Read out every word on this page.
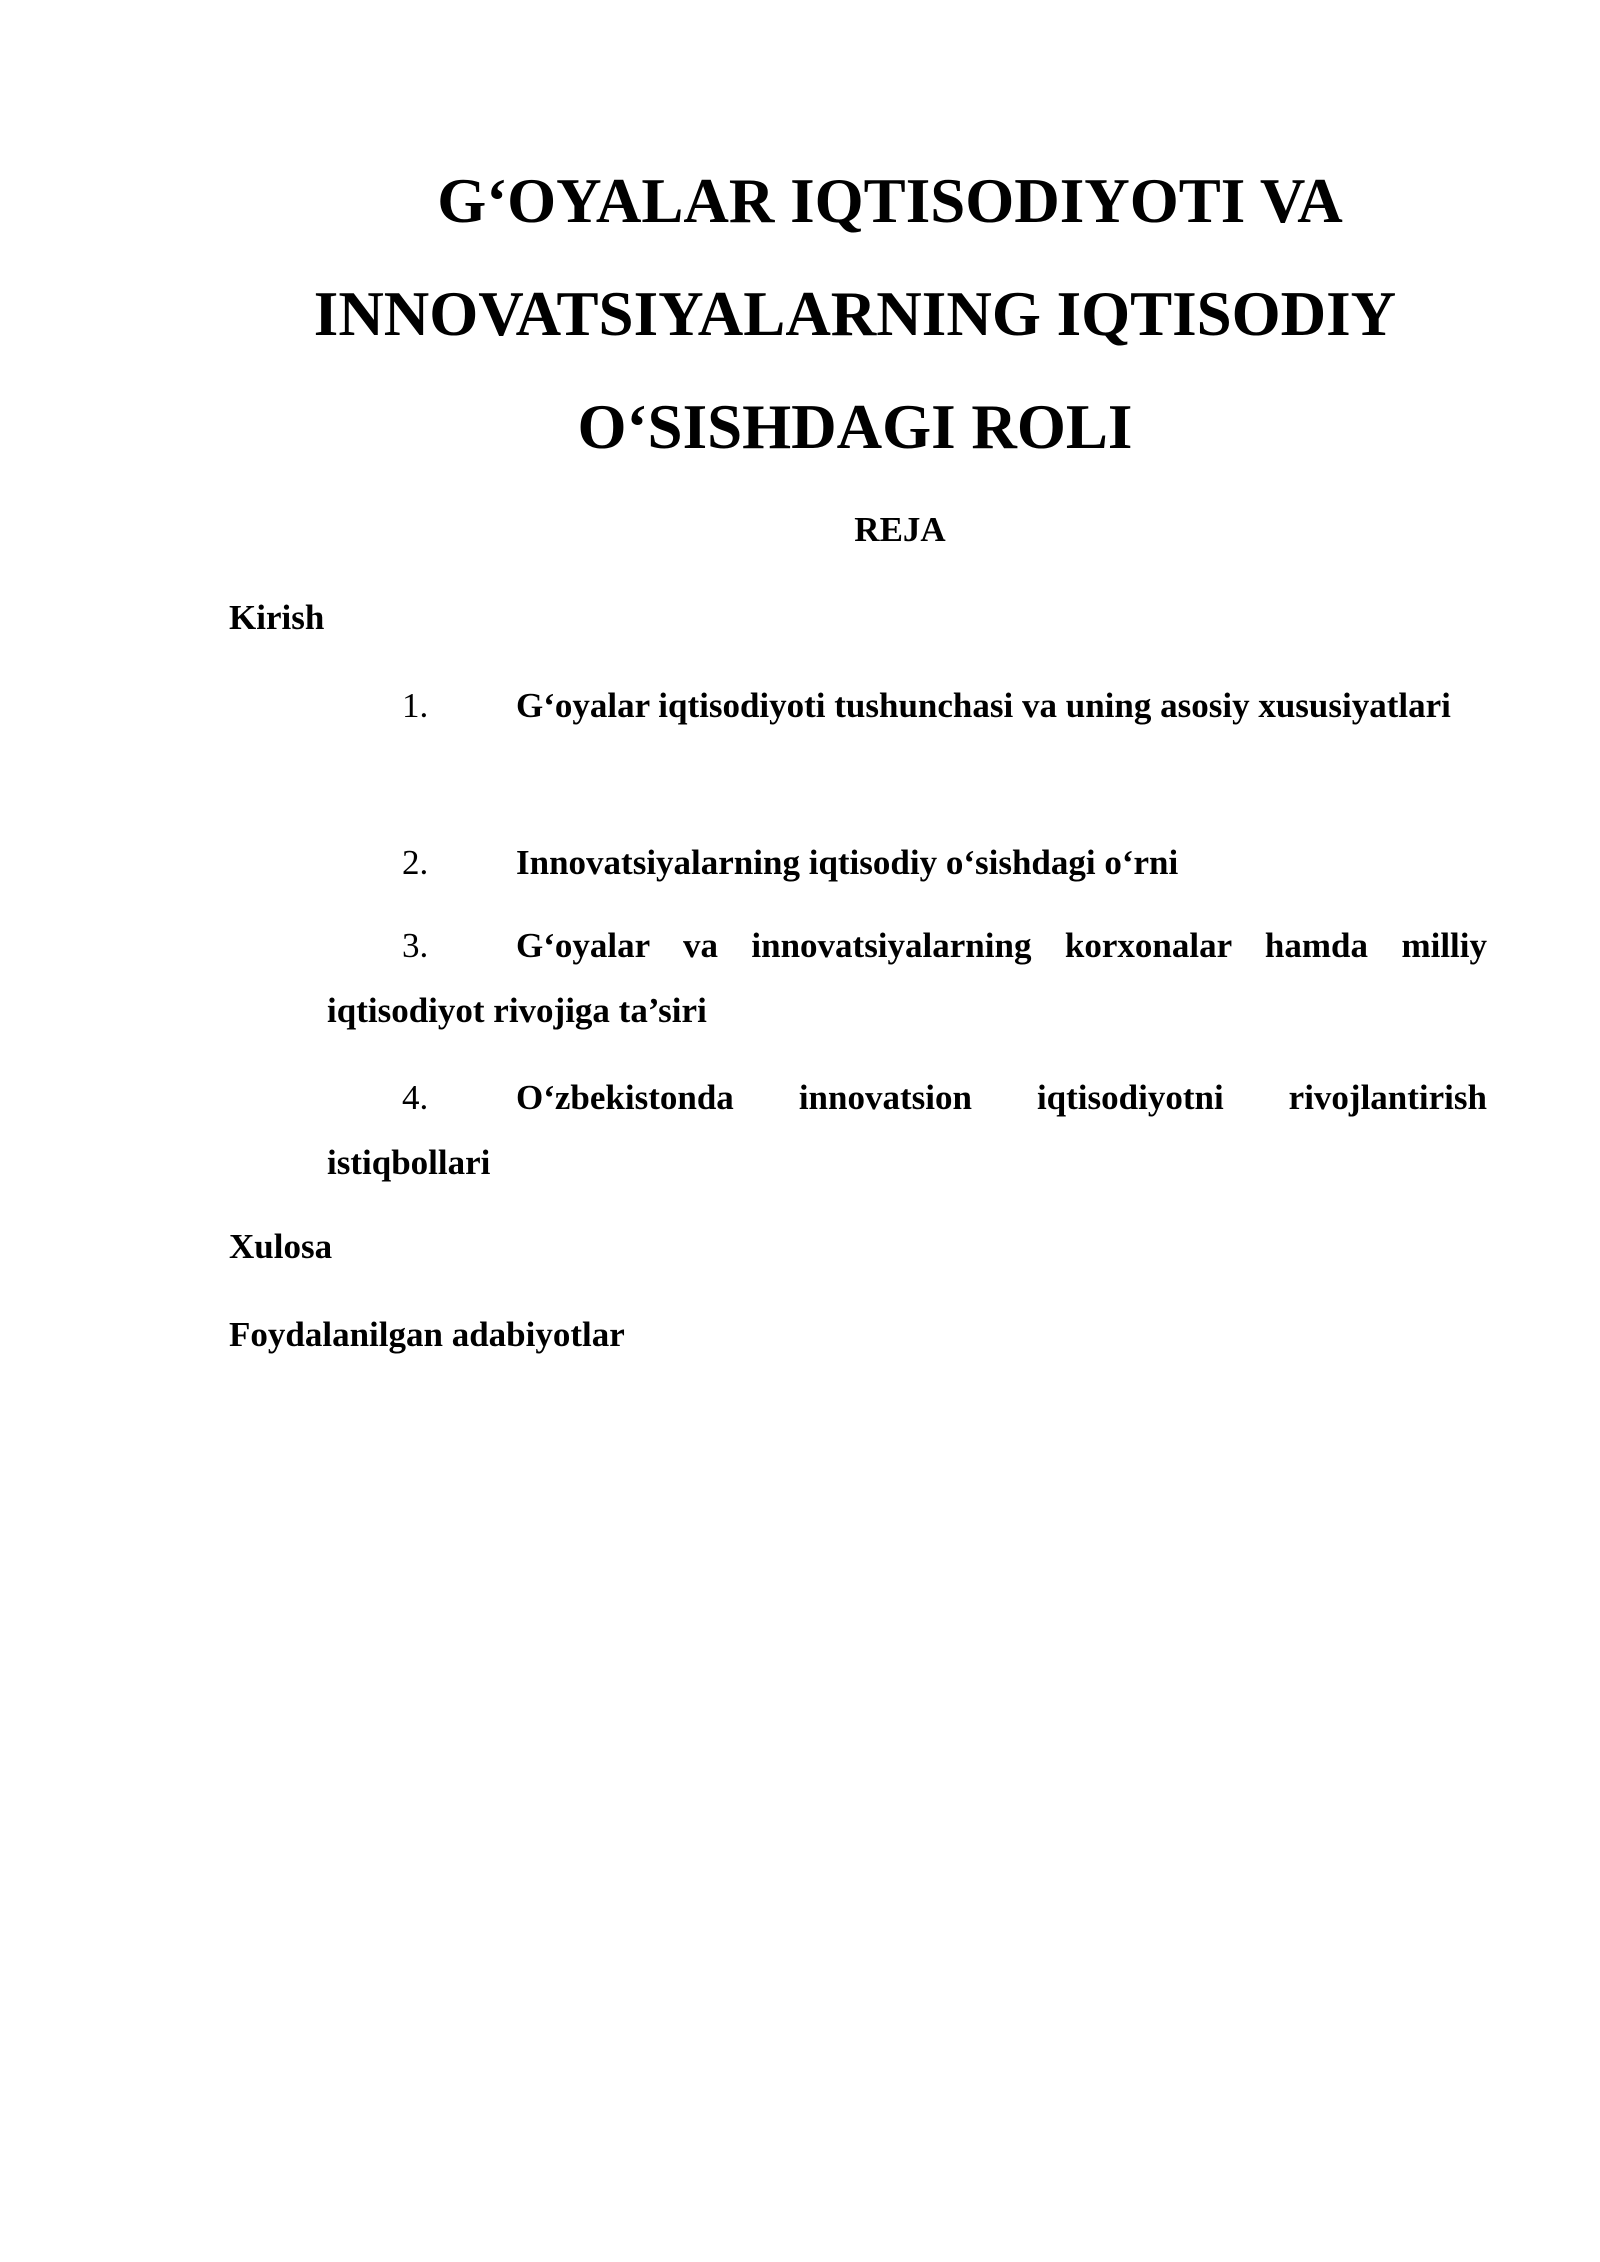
G‘OYALAR IQTISODIYOTI VA INNOVATSIYALARNING IQTISODIY O‘SISHDAGI ROLI
REJA
Kirish
1.	G‘oyalar iqtisodiyoti tushunchasi va uning asosiy xususiyatlari
2.	Innovatsiyalarning iqtisodiy o‘sishdagi o‘rni
3.	G‘oyalar va innovatsiyalarning korxonalar hamda milliy iqtisodiyot rivojiga ta’siri
4.	O‘zbekistonda innovatsion iqtisodiyotni rivojlantirish istiqbollari
Xulosa
Foydalanilgan adabiyotlar
